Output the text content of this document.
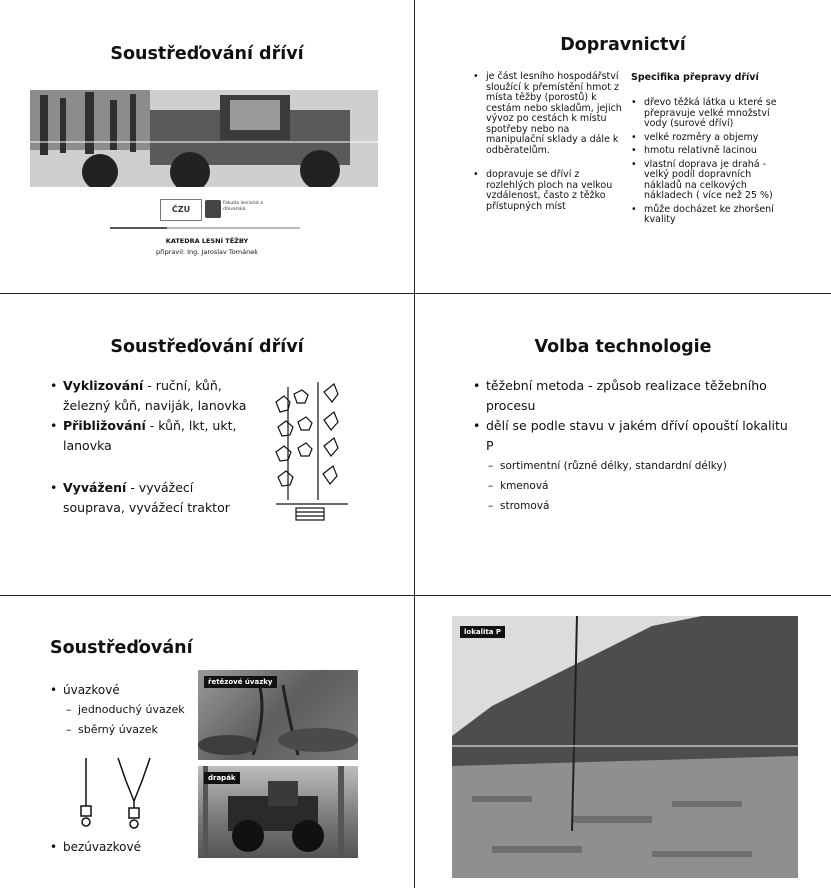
Soustřeďování dříví
ČZU
Fakulta lesnická a dřevařská
KATEDRA LESNÍ TĚŽBY
připravil: Ing. Jaroslav Tománek
Dopravnictví
• je část lesního hospodářství sloužící k přemístění hmot z místa těžby (porostů) k cestám nebo skladům, jejich vývoz po cestách k místu spotřeby nebo na manipulační sklady a dále k odběratelům.
• dopravuje se dříví z rozlehlých ploch na velkou vzdálenost, často z těžko přístupných míst
Specifika přepravy dříví
• dřevo těžká látka u které se přepravuje velké množství vody (surové dříví)
• velké rozměry a objemy
• hmotu relativně lacinou
• vlastní doprava je drahá - velký podíl dopravních nákladů na celkových nákladech ( více než 25 %)
• může docházet ke zhoršení kvality
Soustřeďování dříví
• Vyklizování - ruční, kůň, železný kůň, naviják, lanovka
• Přibližování - kůň, lkt, ukt, lanovka
• Vyvážení - vyvážecí souprava, vyvážecí traktor
Volba technologie
• těžební metoda - způsob realizace těžebního procesu
• dělí se podle stavu v jakém dříví opouští lokalitu P
– sortimentní (různé délky, standardní délky)
– kmenová
– stromová
Soustřeďování
• úvazkové
– jednoduchý úvazek
– sběrný úvazek
• bezúvazkové
řetězové úvazky
drapák
lokalita P
